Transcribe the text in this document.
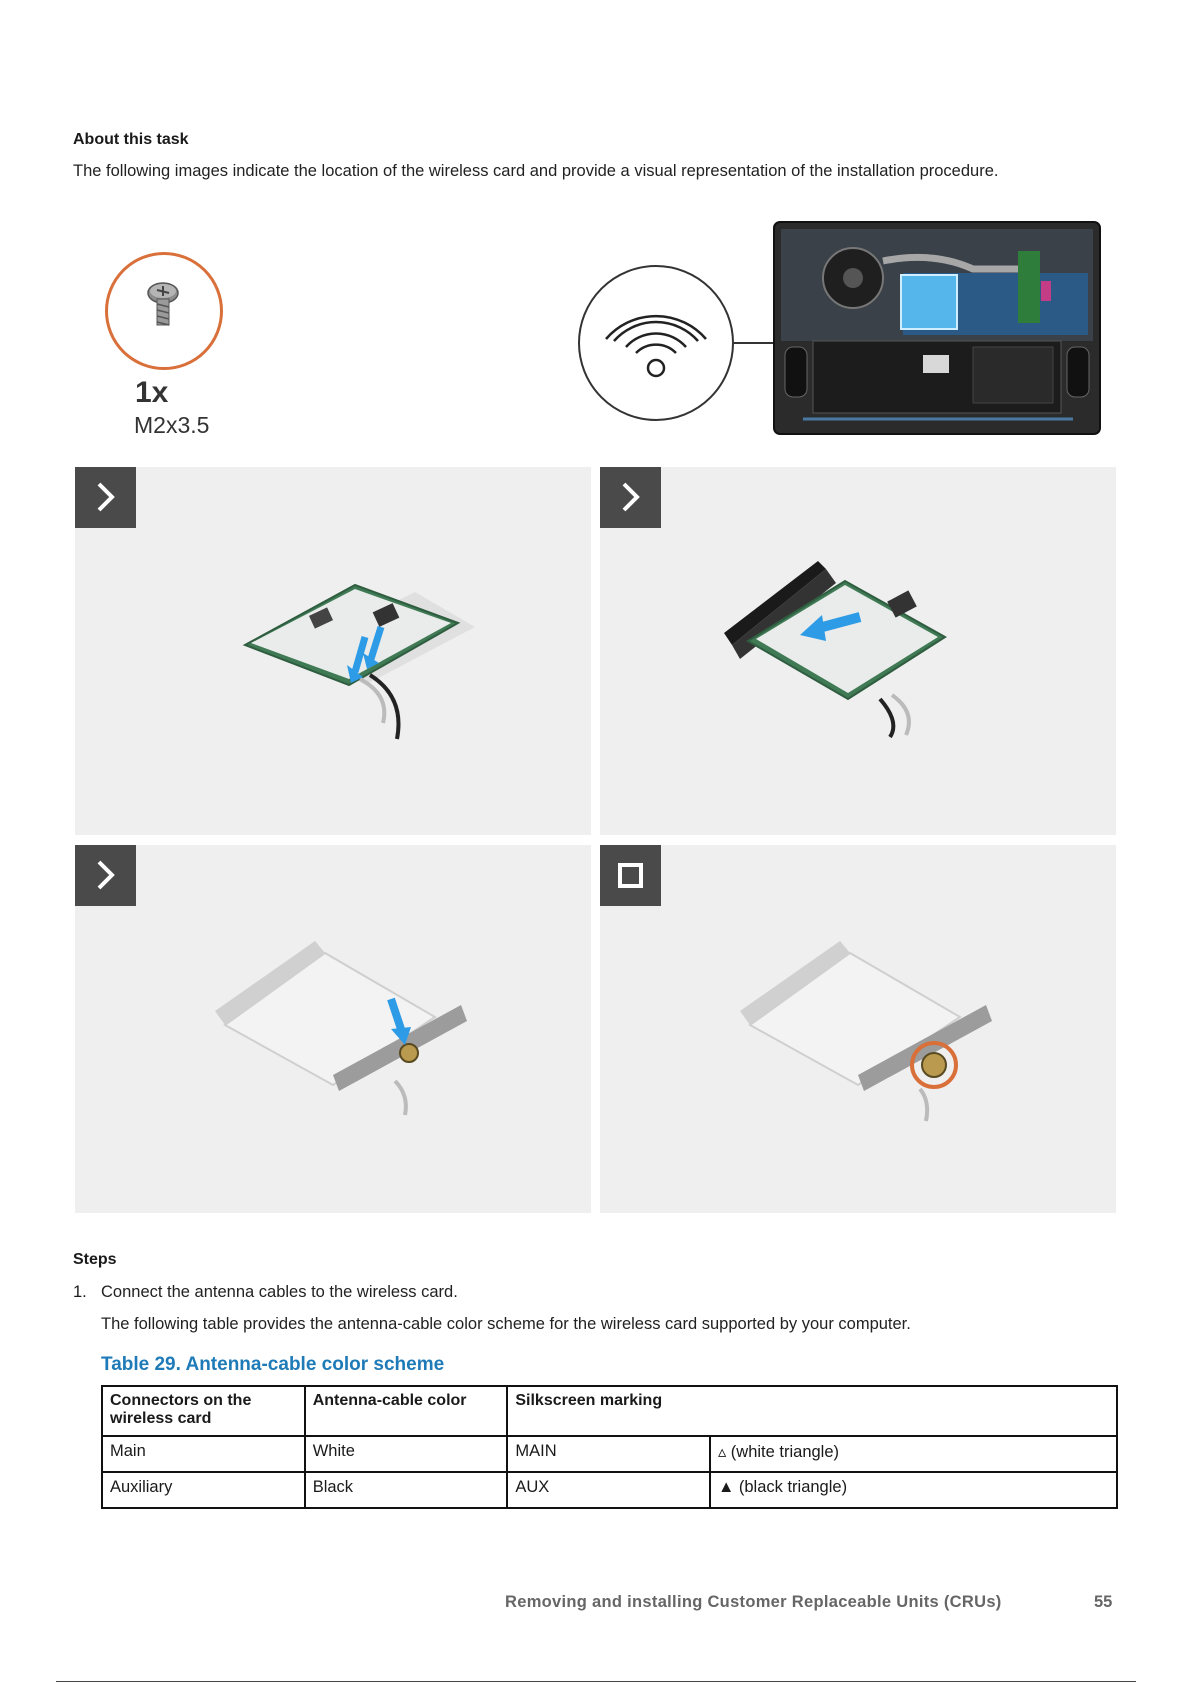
About this task
The following images indicate the location of the wireless card and provide a visual representation of the installation procedure.
1x
M2x3.5
Steps
1. Connect the antenna cables to the wireless card.
The following table provides the antenna-cable color scheme for the wireless card supported by your computer.
Table 29. Antenna-cable color scheme
Connectors on the wireless card	Antenna-cable color	Silkscreen marking	
Main	White	MAIN	▵ (white triangle)
Auxiliary	Black	AUX	▲ (black triangle)
Removing and installing Customer Replaceable Units (CRUs)	55
